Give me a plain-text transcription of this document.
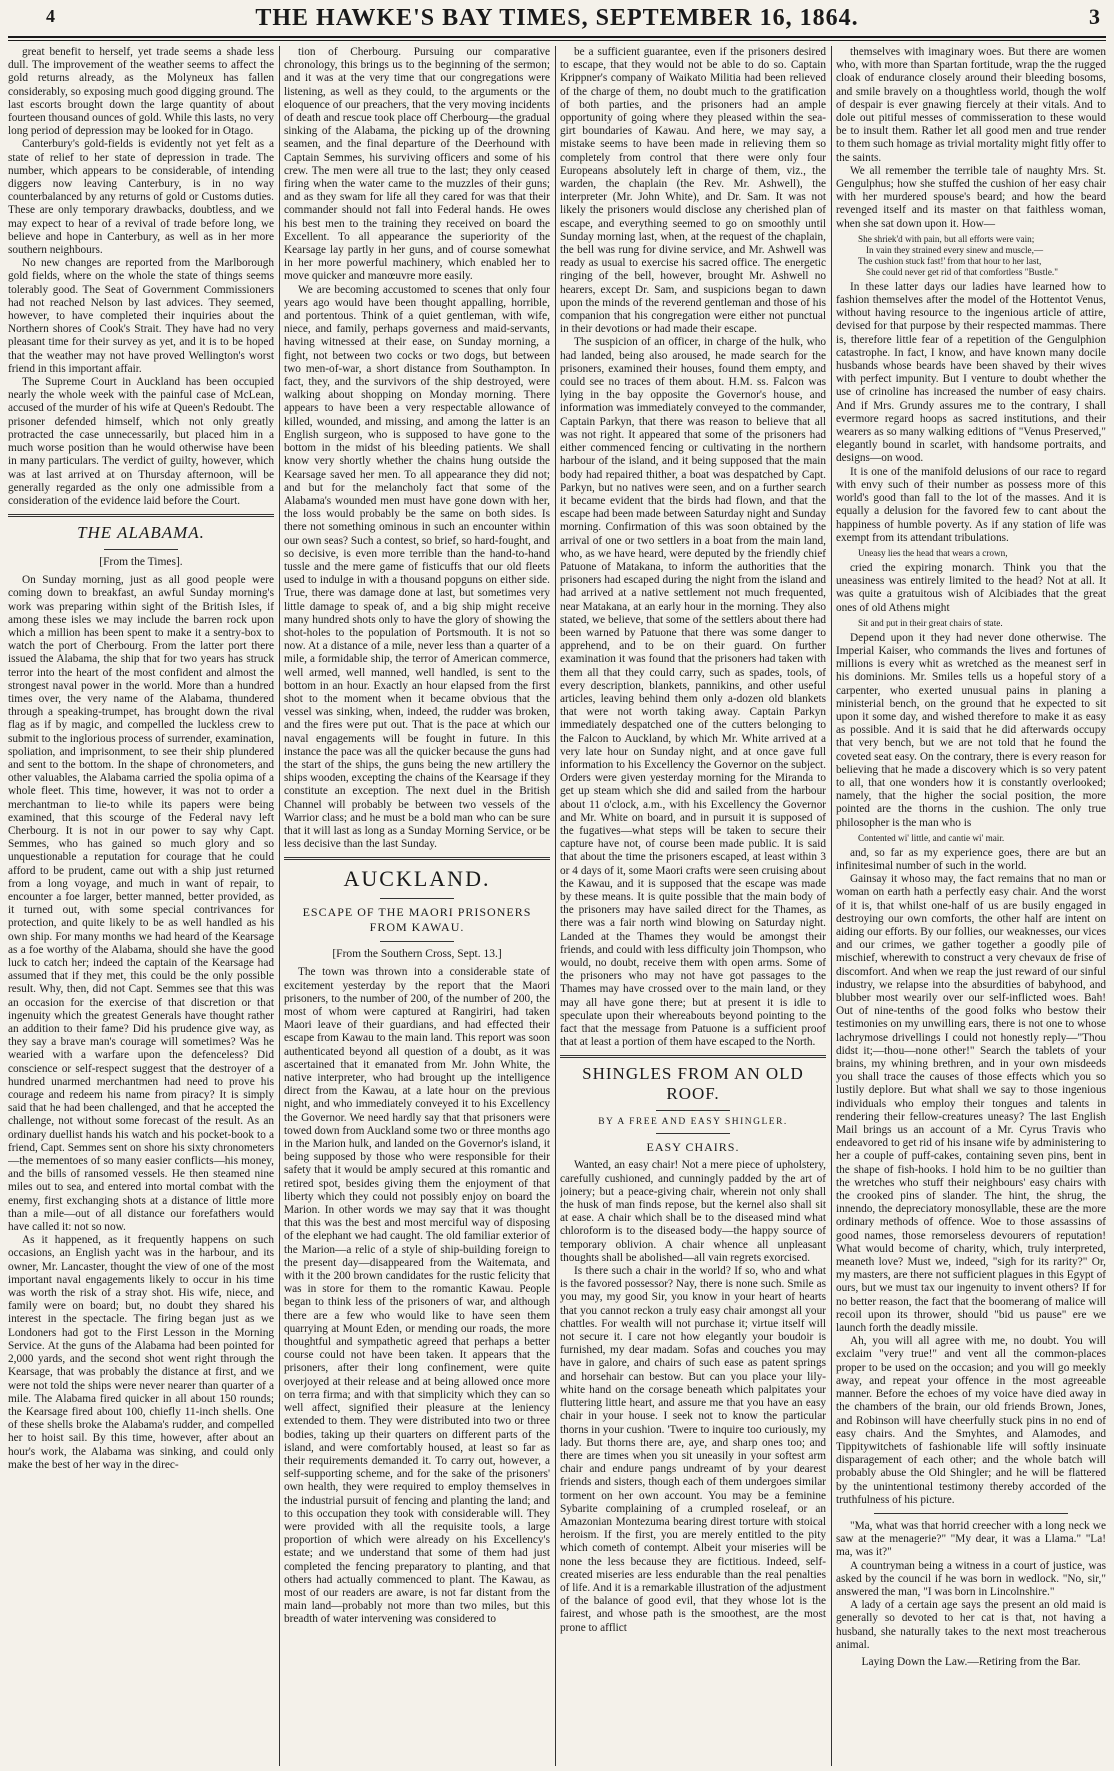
4	THE HAWKE'S BAY TIMES, SEPTEMBER 16, 1864.	3

great benefit to herself, yet trade seems a shade less dull. The improvement of the weather seems to affect the gold returns already, as the Molyneux has fallen considerably, so exposing much good digging ground. The last escorts brought down the large quantity of about fourteen thousand ounces of gold. While this lasts, no very long period of depression may be looked for in Otago.

Canterbury's gold-fields is evidently not yet felt as a state of relief to her state of depression in trade. The number, which appears to be considerable, of intending diggers now leaving Canterbury, is in no way counterbalanced by any returns of gold or Customs duties. These are only temporary drawbacks, doubtless, and we may expect to hear of a revival of trade before long, we believe and hope in Canterbury, as well as in her more southern neighbours.

No new changes are reported from the Marlborough gold fields, where on the whole the state of things seems tolerably good. The Seat of Government Commissioners had not reached Nelson by last advices. They seemed, however, to have completed their inquiries about the Northern shores of Cook's Strait. They have had no very pleasant time for their survey as yet, and it is to be hoped that the weather may not have proved Wellington's worst friend in this important affair.

The Supreme Court in Auckland has been occupied nearly the whole week with the painful case of McLean, accused of the murder of his wife at Queen's Redoubt. The prisoner defended himself, which not only greatly protracted the case unnecessarily, but placed him in a much worse position than he would otherwise have been in many particulars. The verdict of guilty, however, which was at last arrived at on Thursday afternoon, will be generally regarded as the only one admissible from a consideration of the evidence laid before the Court.

THE ALABAMA.
[From the Times].

On Sunday morning, just as all good people were coming down to breakfast, an awful Sunday morning's work was preparing within sight of the British Isles, if among these isles we may include the barren rock upon which a million has been spent to make it a sentry-box to watch the port of Cherbourg. From the latter port there issued the Alabama, the ship that for two years has struck terror into the heart of the most confident and almost the strongest naval power in the world. More than a hundred times over, the very name of the Alabama, thundered through a speaking-trumpet, has brought down the rival flag as if by magic, and compelled the luckless crew to submit to the inglorious process of surrender, examination, spoliation, and imprisonment, to see their ship plundered and sent to the bottom. In the shape of chronometers, and other valuables, the Alabama carried the spolia opima of a whole fleet. This time, however, it was not to order a merchantman to lie-to while its papers were being examined, that this scourge of the Federal navy left Cherbourg. It is not in our power to say why Capt. Semmes, who has gained so much glory and so unquestionable a reputation for courage that he could afford to be prudent, came out with a ship just returned from a long voyage, and much in want of repair, to encounter a foe larger, better manned, better provided, as it turned out, with some special contrivances for protection, and quite likely to be as well handled as his own ship. For many months we had heard of the Kearsage as a foe worthy of the Alabama, should she have the good luck to catch her; indeed the captain of the Kearsage had assumed that if they met, this could be the only possible result. Why, then, did not Capt. Semmes see that this was an occasion for the exercise of that discretion or that ingenuity which the greatest Generals have thought rather an addition to their fame? Did his prudence give way, as they say a brave man's courage will sometimes? Was he wearied with a warfare upon the defenceless? Did conscience or self-respect suggest that the destroyer of a hundred unarmed merchantmen had need to prove his courage and redeem his name from piracy? It is simply said that he had been challenged, and that he accepted the challenge, not without some forecast of the result. As an ordinary duellist hands his watch and his pocket-book to a friend, Capt. Semmes sent on shore his sixty chronometers—the mementoes of so many easier conflicts—his money, and the bills of ransomed vessels. He then steamed nine miles out to sea, and entered into mortal combat with the enemy, first exchanging shots at a distance of little more than a mile—out of all distance our forefathers would have called it: not so now.

As it happened, as it frequently happens on such occasions, an English yacht was in the harbour, and its owner, Mr. Lancaster, thought the view of one of the most important naval engagements likely to occur in his time was worth the risk of a stray shot. His wife, niece, and family were on board; but, no doubt they shared his interest in the spectacle. The firing began just as we Londoners had got to the First Lesson in the Morning Service. At the guns of the Alabama had been pointed for 2,000 yards, and the second shot went right through the Kearsage, that was probably the distance at first, and we were not told the ships were never nearer than quarter of a mile. The Alabama fired quicker in all about 150 rounds; the Kearsage fired about 100, chiefly 11-inch shells. One of these shells broke the Alabama's rudder, and compelled her to hoist sail. By this time, however, after about an hour's work, the Alabama was sinking, and could only make the best of her way in the direc-

tion of Cherbourg. Pursuing our comparative chronology, this brings us to the beginning of the sermon; and it was at the very time that our congregations were listening, as well as they could, to the arguments or the eloquence of our preachers, that the very moving incidents of death and rescue took place off Cherbourg—the gradual sinking of the Alabama, the picking up of the drowning seamen, and the final departure of the Deerhound with Captain Semmes, his surviving officers and some of his crew. The men were all true to the last; they only ceased firing when the water came to the muzzles of their guns; and as they swam for life all they cared for was that their commander should not fall into Federal hands. He owes his best men to the training they received on board the Excellent. To all appearance the superiority of the Kearsage lay partly in her guns, and of course somewhat in her more powerful machinery, which enabled her to move quicker and manœuvre more easily.

We are becoming accustomed to scenes that only four years ago would have been thought appalling, horrible, and portentous. Think of a quiet gentleman, with wife, niece, and family, perhaps governess and maid-servants, having witnessed at their ease, on Sunday morning, a fight, not between two cocks or two dogs, but between two men-of-war, a short distance from Southampton. In fact, they, and the survivors of the ship destroyed, were walking about shopping on Monday morning. There appears to have been a very respectable allowance of killed, wounded, and missing, and among the latter is an English surgeon, who is supposed to have gone to the bottom in the midst of his bleeding patients. We shall know very shortly whether the chains hung outside the Kearsage saved her men. To all appearance they did not; and but for the melancholy fact that some of the Alabama's wounded men must have gone down with her, the loss would probably be the same on both sides. Is there not something ominous in such an encounter within our own seas? Such a contest, so brief, so hard-fought, and so decisive, is even more terrible than the hand-to-hand tussle and the mere game of fisticuffs that our old fleets used to indulge in with a thousand popguns on either side. True, there was damage done at last, but sometimes very little damage to speak of, and a big ship might receive many hundred shots only to have the glory of showing the shot-holes to the population of Portsmouth. It is not so now. At a distance of a mile, never less than a quarter of a mile, a formidable ship, the terror of American commerce, well armed, well manned, well handled, is sent to the bottom in an hour. Exactly an hour elapsed from the first shot to the moment when it became obvious that the vessel was sinking, when, indeed, the rudder was broken, and the fires were put out. That is the pace at which our naval engagements will be fought in future. In this instance the pace was all the quicker because the guns had the start of the ships, the guns being the new artillery the ships wooden, excepting the chains of the Kearsage if they constitute an exception. The next duel in the British Channel will probably be between two vessels of the Warrior class; and he must be a bold man who can be sure that it will last as long as a Sunday Morning Service, or be less decisive than the last Sunday.

AUCKLAND.
ESCAPE OF THE MAORI PRISONERS FROM KAWAU.
[From the Southern Cross, Sept. 13.]

The town was thrown into a considerable state of excitement yesterday by the report that the Maori prisoners, to the number of 200, of the number of 200, the most of whom were captured at Rangiriri, had taken Maori leave of their guardians, and had effected their escape from Kawau to the main land. This report was soon authenticated beyond all question of a doubt, as it was ascertained that it emanated from Mr. John White, the native interpreter, who had brought up the intelligence direct from the Kawau, at a late hour on the previous night, and who immediately conveyed it to his Excellency the Governor. We need hardly say that that prisoners were towed down from Auckland some two or three months ago in the Marion hulk, and landed on the Governor's island, it being supposed by those who were responsible for their safety that it would be amply secured at this romantic and retired spot, besides giving them the enjoyment of that liberty which they could not possibly enjoy on board the Marion. In other words we may say that it was thought that this was the best and most merciful way of disposing of the elephant we had caught. The old familiar exterior of the Marion—a relic of a style of ship-building foreign to the present day—disappeared from the Waitemata, and with it the 200 brown candidates for the rustic felicity that was in store for them to the romantic Kawau. People began to think less of the prisoners of war, and although there are a few who would like to have seen them quarrying at Mount Eden, or mending our roads, the more thoughtful and sympathetic agreed that perhaps a better course could not have been taken. It appears that the prisoners, after their long confinement, were quite overjoyed at their release and at being allowed once more on terra firma; and with that simplicity which they can so well affect, signified their pleasure at the leniency extended to them. They were distributed into two or three bodies, taking up their quarters on different parts of the island, and were comfortably housed, at least so far as their requirements demanded it. To carry out, however, a self-supporting scheme, and for the sake of the prisoners' own health, they were required to employ themselves in the industrial pursuit of fencing and planting the land; and to this occupation they took with considerable will. They were provided with all the requisite tools, a large proportion of which were already on his Excellency's estate; and we understand that some of them had just completed the fencing preparatory to planting, and that others had actually commenced to plant. The Kawau, as most of our readers are aware, is not far distant from the main land—probably not more than two miles, but this breadth of water intervening was considered to

be a sufficient guarantee, even if the prisoners desired to escape, that they would not be able to do so. Captain Krippner's company of Waikato Militia had been relieved of the charge of them, no doubt much to the gratification of both parties, and the prisoners had an ample opportunity of going where they pleased within the sea-girt boundaries of Kawau. And here, we may say, a mistake seems to have been made in relieving them so completely from control that there were only four Europeans absolutely left in charge of them, viz., the warden, the chaplain (the Rev. Mr. Ashwell), the interpreter (Mr. John White), and Dr. Sam. It was not likely the prisoners would disclose any cherished plan of escape, and everything seemed to go on smoothly until Sunday morning last, when, at the request of the chaplain, the bell was rung for divine service, and Mr. Ashwell was ready as usual to exercise his sacred office. The energetic ringing of the bell, however, brought Mr. Ashwell no hearers, except Dr. Sam, and suspicions began to dawn upon the minds of the reverend gentleman and those of his companion that his congregation were either not punctual in their devotions or had made their escape.

The suspicion of an officer, in charge of the hulk, who had landed, being also aroused, he made search for the prisoners, examined their houses, found them empty, and could see no traces of them about. H.M. ss. Falcon was lying in the bay opposite the Governor's house, and information was immediately conveyed to the commander, Captain Parkyn, that there was reason to believe that all was not right. It appeared that some of the prisoners had either commenced fencing or cultivating in the northern harbour of the island, and it being supposed that the main body had repaired thither, a boat was despatched by Capt. Parkyn, but no natives were seen, and on a further search it became evident that the birds had flown, and that the escape had been made between Saturday night and Sunday morning. Confirmation of this was soon obtained by the arrival of one or two settlers in a boat from the main land, who, as we have heard, were deputed by the friendly chief Patuone of Matakana, to inform the authorities that the prisoners had escaped during the night from the island and had arrived at a native settlement not much frequented, near Matakana, at an early hour in the morning. They also stated, we believe, that some of the settlers about there had been warned by Patuone that there was some danger to apprehend, and to be on their guard. On further examination it was found that the prisoners had taken with them all that they could carry, such as spades, tools, of every description, blankets, pannikins, and other useful articles, leaving behind them only a-dozen old blankets that were not worth taking away. Captain Parkyn immediately despatched one of the cutters belonging to the Falcon to Auckland, by which Mr. White arrived at a very late hour on Sunday night, and at once gave full information to his Excellency the Governor on the subject. Orders were given yesterday morning for the Miranda to get up steam which she did and sailed from the harbour about 11 o'clock, a.m., with his Excellency the Governor and Mr. White on board, and in pursuit it is supposed of the fugatives—what steps will be taken to secure their capture have not, of course been made public. It is said that about the time the prisoners escaped, at least within 3 or 4 days of it, some Maori crafts were seen cruising about the Kawau, and it is supposed that the escape was made by these means. It is quite possible that the main body of the prisoners may have sailed direct for the Thames, as there was a fair north wind blowing on Saturday night. Landed at the Thames they would be amongst their friends, and could with less difficulty join Thompson, who would, no doubt, receive them with open arms. Some of the prisoners who may not have got passages to the Thames may have crossed over to the main land, or they may all have gone there; but at present it is idle to speculate upon their whereabouts beyond pointing to the fact that the message from Patuone is a sufficient proof that at least a portion of them have escaped to the North.

SHINGLES FROM AN OLD ROOF.
BY A FREE AND EASY SHINGLER.
EASY CHAIRS.

Wanted, an easy chair! Not a mere piece of upholstery, carefully cushioned, and cunningly padded by the art of joinery; but a peace-giving chair, wherein not only shall the husk of man finds repose, but the kernel also shall sit at ease. A chair which shall be to the diseased mind what chloroform is to the diseased body—the happy source of temporary oblivion. A chair whence all unpleasant thoughts shall be abolished—all vain regrets exorcised.

Is there such a chair in the world? If so, who and what is the favored possessor? Nay, there is none such. Smile as you may, my good Sir, you know in your heart of hearts that you cannot reckon a truly easy chair amongst all your chattles. For wealth will not purchase it; virtue itself will not secure it. I care not how elegantly your boudoir is furnished, my dear madam. Sofas and couches you may have in galore, and chairs of such ease as patent springs and horsehair can bestow. But can you place your lily-white hand on the corsage beneath which palpitates your fluttering little heart, and assure me that you have an easy chair in your house. I seek not to know the particular thorns in your cushion. 'Twere to inquire too curiously, my lady. But thorns there are, aye, and sharp ones too; and there are times when you sit uneasily in your softest arm chair and endure pangs undreamt of by your dearest friends and sisters, though each of them undergoes similar torment on her own account. You may be a feminine Sybarite complaining of a crumpled roseleaf, or an Amazonian Montezuma bearing direst torture with stoical heroism. If the first, you are merely entitled to the pity which cometh of contempt. Albeit your miseries will be none the less because they are fictitious. Indeed, self-created miseries are less endurable than the real penalties of life. And it is a remarkable illustration of the adjustment of the balance of good evil, that they whose lot is the fairest, and whose path is the smoothest, are the most prone to afflict

themselves with imaginary woes. But there are women who, with more than Spartan fortitude, wrap the the rugged cloak of endurance closely around their bleeding bosoms, and smile bravely on a thoughtless world, though the wolf of despair is ever gnawing fiercely at their vitals. And to dole out pitiful messes of commisseration to these would be to insult them. Rather let all good men and true render to them such homage as trivial mortality might fitly offer to the saints.

We all remember the terrible tale of naughty Mrs. St. Gengulphus; how she stuffed the cushion of her easy chair with her murdered spouse's beard; and how the beard revenged itself and its master on that faithless woman, when she sat down upon it. How—

She shriek'd with pain, but all efforts were vain;
In vain they strained every sinew and muscle,—
The cushion stuck fast!' from that hour to her last,
She could never get rid of that comfortless "Bustle."

In these latter days our ladies have learned how to fashion themselves after the model of the Hottentot Venus, without having resource to the ingenious article of attire, devised for that purpose by their respected mammas. There is, therefore little fear of a repetition of the Gengulphion catastrophe. In fact, I know, and have known many docile husbands whose beards have been shaved by their wives with perfect impunity. But I venture to doubt whether the use of crinoline has increased the number of easy chairs. And if Mrs. Grundy assures me to the contrary, I shall evermore regard hoops as sacred institutions, and their wearers as so many walking editions of "Venus Preserved," elegantly bound in scarlet, with handsome portraits, and designs—on wood.

It is one of the manifold delusions of our race to regard with envy such of their number as possess more of this world's good than fall to the lot of the masses. And it is equally a delusion for the favored few to cant about the happiness of humble poverty. As if any station of life was exempt from its attendant tribulations.

Uneasy lies the head that wears a crown,

cried the expiring monarch. Think you that the uneasiness was entirely limited to the head? Not at all. It was quite a gratuitous wish of Alcibiades that the great ones of old Athens might

Sit and put in their great chairs of state.

Depend upon it they had never done otherwise. The Imperial Kaiser, who commands the lives and fortunes of millions is every whit as wretched as the meanest serf in his dominions. Mr. Smiles tells us a hopeful story of a carpenter, who exerted unusual pains in planing a ministerial bench, on the ground that he expected to sit upon it some day, and wished therefore to make it as easy as possible. And it is said that he did afterwards occupy that very bench, but we are not told that he found the coveted seat easy. On the contrary, there is every reason for believing that he made a discovery which is so very patent to all, that one wonders how it is constantly overlooked; namely, that the higher the social position, the more pointed are the thorns in the cushion. The only true philosopher is the man who is

Contented wi' little, and cantie wi' mair.

and, so far as my experience goes, there are but an infinitesimal number of such in the world.

Gainsay it whoso may, the fact remains that no man or woman on earth hath a perfectly easy chair. And the worst of it is, that whilst one-half of us are busily engaged in destroying our own comforts, the other half are intent on aiding our efforts. By our follies, our weaknesses, our vices and our crimes, we gather together a goodly pile of mischief, wherewith to construct a very chevaux de frise of discomfort. And when we reap the just reward of our sinful industry, we relapse into the absurdities of babyhood, and blubber most wearily over our self-inflicted woes. Bah! Out of nine-tenths of the good folks who bestow their testimonies on my unwilling ears, there is not one to whose lachrymose drivellings I could not honestly reply—"Thou didst it;—thou—none other!" Search the tablets of your brains, my whining brethren, and in your own misdeeds you shall trace the causes of those effects which you so lustily deplore. But what shall we say to those ingenious individuals who employ their tongues and talents in rendering their fellow-creatures uneasy? The last English Mail brings us an account of a Mr. Cyrus Travis who endeavored to get rid of his insane wife by administering to her a couple of puff-cakes, containing seven pins, bent in the shape of fish-hooks. I hold him to be no guiltier than the wretches who stuff their neighbours' easy chairs with the crooked pins of slander. The hint, the shrug, the innendo, the depreciatory monosyllable, these are the more ordinary methods of offence. Woe to those assassins of good names, those remorseless devourers of reputation! What would become of charity, which, truly interpreted, meaneth love? Must we, indeed, "sigh for its rarity?" Or, my masters, are there not sufficient plagues in this Egypt of ours, but we must tax our ingenuity to invent others? If for no better reason, the fact that the boomerang of malice will recoil upon its thrower, should "bid us pause" ere we launch forth the deadly missile.

Ah, you will all agree with me, no doubt. You will exclaim "very true!" and vent all the common-places proper to be used on the occasion; and you will go meekly away, and repeat your offence in the most agreeable manner. Before the echoes of my voice have died away in the chambers of the brain, our old friends Brown, Jones, and Robinson will have cheerfully stuck pins in no end of easy chairs. And the Smyhtes, and Alamodes, and Tippitywitchets of fashionable life will softly insinuate disparagement of each other; and the whole batch will probably abuse the Old Shingler; and he will be flattered by the unintentional testimony thereby accorded of the truthfulness of his picture.

"Ma, what was that horrid creecher with a long neck we saw at the menagerie?" "My dear, it was a Llama." "La! ma, was it?"

A countryman being a witness in a court of justice, was asked by the council if he was born in wedlock. "No, sir," answered the man, "I was born in Lincolnshire."

A lady of a certain age says the present an old maid is generally so devoted to her cat is that, not having a husband, she naturally takes to the next most treacherous animal.

Laying Down the Law.—Retiring from the Bar.
